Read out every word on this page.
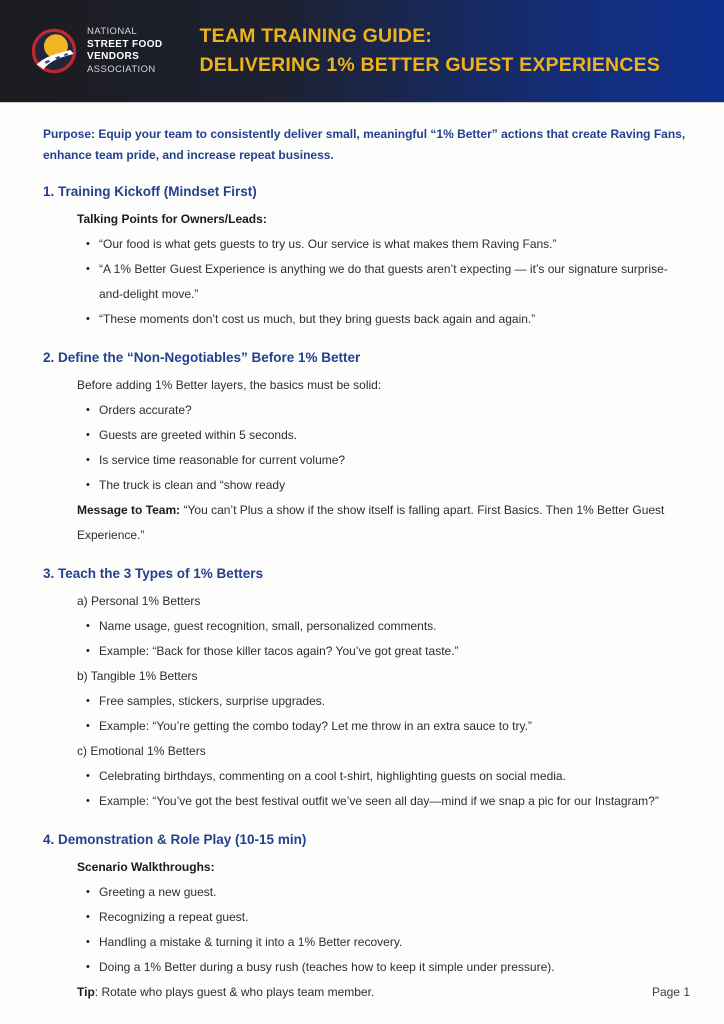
NATIONAL
STREET FOOD
VENDORS
ASSOCIATION
TEAM TRAINING GUIDE:
DELIVERING 1% BETTER GUEST EXPERIENCES

Purpose: Equip your team to consistently deliver small, meaningful “1% Better” actions that create Raving Fans, enhance team pride, and increase repeat business.

1. Training Kickoff (Mindset First)

Talking Points for Owners/Leads:

• “Our food is what gets guests to try us. Our service is what makes them Raving Fans.”
• “A 1% Better Guest Experience is anything we do that guests aren’t expecting — it’s our signature surprise-and-delight move.”
• “These moments don’t cost us much, but they bring guests back again and again.”
2. Define the “Non-Negotiables” Before 1% Better

Before adding 1% Better layers, the basics must be solid:

• Orders accurate?
• Guests are greeted within 5 seconds.
• Is service time reasonable for current volume?
• The truck is clean and “show ready

Message to Team: “You can’t Plus a show if the show itself is falling apart. First Basics. Then 1% Better Guest Experience.”

3. Teach the 3 Types of 1% Betters

a) Personal 1% Betters

• Name usage, guest recognition, small, personalized comments.
• Example: “Back for those killer tacos again? You’ve got great taste.”

b) Tangible 1% Betters

• Free samples, stickers, surprise upgrades.
• Example: “You’re getting the combo today? Let me throw in an extra sauce to try.”

c) Emotional 1% Betters

• Celebrating birthdays, commenting on a cool t-shirt, highlighting guests on social media.
• Example: “You’ve got the best festival outfit we’ve seen all day—mind if we snap a pic for our Instagram?”
4. Demonstration & Role Play (10-15 min)

Scenario Walkthroughs:

• Greeting a new guest.
• Recognizing a repeat guest.
• Handling a mistake & turning it into a 1% Better recovery.
• Doing a 1% Better during a busy rush (teaches how to keep it simple under pressure).

Tip: Rotate who plays guest & who plays team member.	Page 1
